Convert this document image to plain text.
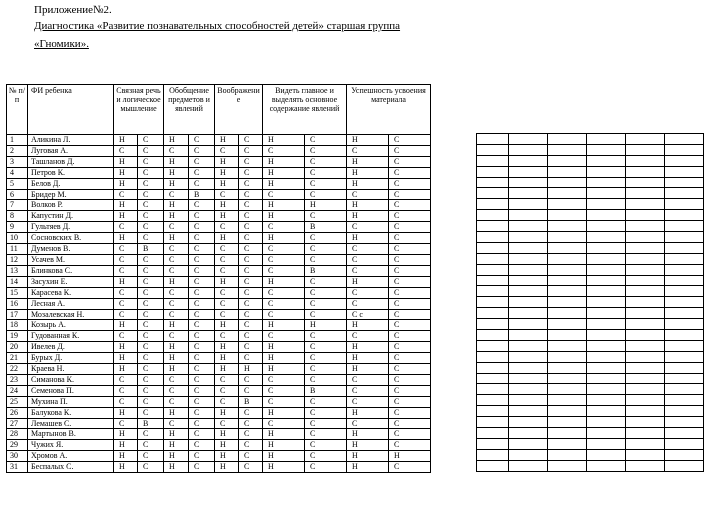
Приложение№2.
Диагностика «Развитие познавательных способностей детей» старшая группа
«Гномики».
№ п/п	ФИ ребенка	Связная речь и логическое мышление		Обобщение предметов и явлений		Воображение		Видеть главное и выделять основное содержание явлений		Успешность усвоения материала	
1	Аликина Л.	Н	С	Н	С	Н	С	Н	С	Н	С
2	Луговая А.	С	С	С	С	С	С	С	С	С	С
3	Ташланов Д.	Н	С	Н	С	Н	С	Н	С	Н	С
4	Петров К.	Н	С	Н	С	Н	С	Н	С	Н	С
5	Белов Д.	Н	С	Н	С	Н	С	Н	С	Н	С
6	Бридер М.	С	С	С	В	С	С	С	С	С	С
7	Волков Р.	Н	С	Н	С	Н	С	Н	Н	Н	С
8	Капустин Д.	Н	С	Н	С	Н	С	Н	С	Н	С
9	Гультяев Д.	С	С	С	С	С	С	С	В	С	С
10	Сосновских В.	Н	С	Н	С	Н	С	Н	С	Н	С
11	Думенов В.	С	В	С	С	С	С	С	С	С	С
12	Усачев М.	С	С	С	С	С	С	С	С	С	С
13	Блинкова С.	С	С	С	С	С	С	С	В	С	С
14	Засухин Е.	Н	С	Н	С	Н	С	Н	С	Н	С
15	Карасева К.	С	С	С	С	С	С	С	С	С	С
16	Лесная А.	С	С	С	С	С	С	С	С	С	С
17	Мозалевская Н.	С	С	С	С	С	С	С	С	С с	С
18	Козырь А.	Н	С	Н	С	Н	С	Н	Н	Н	С
19	Гудованная К.	С	С	С	С	С	С	С	С	С	С
20	Ивелев Д.	Н	С	Н	С	Н	С	Н	С	Н	С
21	Бурых Д.	Н	С	Н	С	Н	С	Н	С	Н	С
22	Краева Н.	Н	С	Н	С	Н	Н	Н	С	Н	С
23	Симанова К.	С	С	С	С	С	С	С	С	С	С
24	Семенова П.	С	С	С	С	С	С	С	В	С	С
25	Мухина П.	С	С	С	С	С	В	С	С	С	С
26	Балукова К.	Н	С	Н	С	Н	С	Н	С	Н	С
27	Лемашев С.	С	В	С	С	С	С	С	С	С	С
28	Мартынов В.	Н	С	Н	С	Н	С	Н	С	Н	С
29	Чужих Я.	Н	С	Н	С	Н	С	Н	С	Н	С
30	Хромов А.	Н	С	Н	С	Н	С	Н	С	Н	Н
31	Беспалых С.	Н	С	Н	С	Н	С	Н	С	Н	С
